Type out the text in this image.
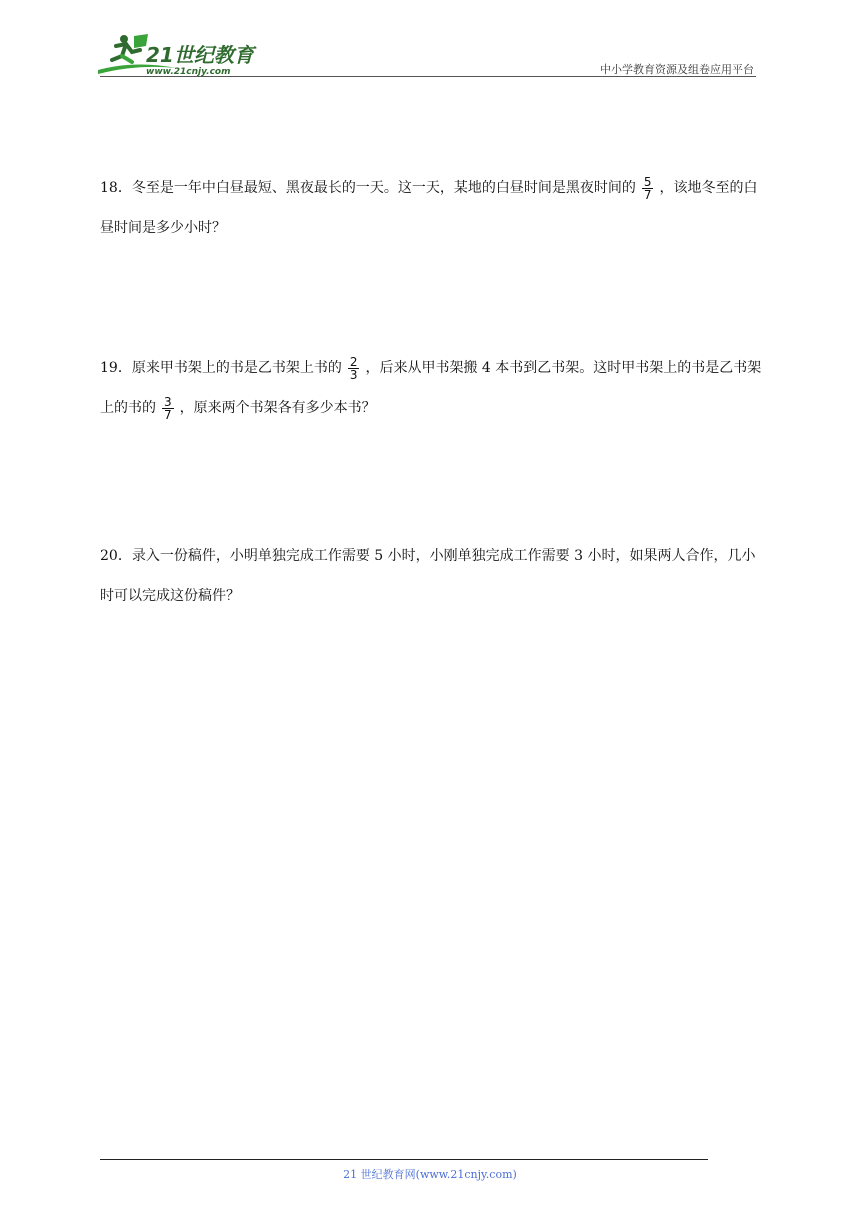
21世纪教育
www.21cnjy.com	中小学教育资源及组卷应用平台
18．冬至是一年中白昼最短、黑夜最长的一天。这一天，某地的白昼时间是黑夜时间的 $\frac{5}{7}$ ，该地冬至的白昼时间是多少小时？
19．原来甲书架上的书是乙书架上书的 $\frac{2}{3}$ ，后来从甲书架搬 4 本书到乙书架。这时甲书架上的书是乙书架上的书的 $\frac{3}{7}$ ，原来两个书架各有多少本书？
20．录入一份稿件，小明单独完成工作需要 5 小时，小刚单独完成工作需要 3 小时，如果两人合作，几小时可以完成这份稿件？
21 世纪教育网(www.21cnjy.com)
